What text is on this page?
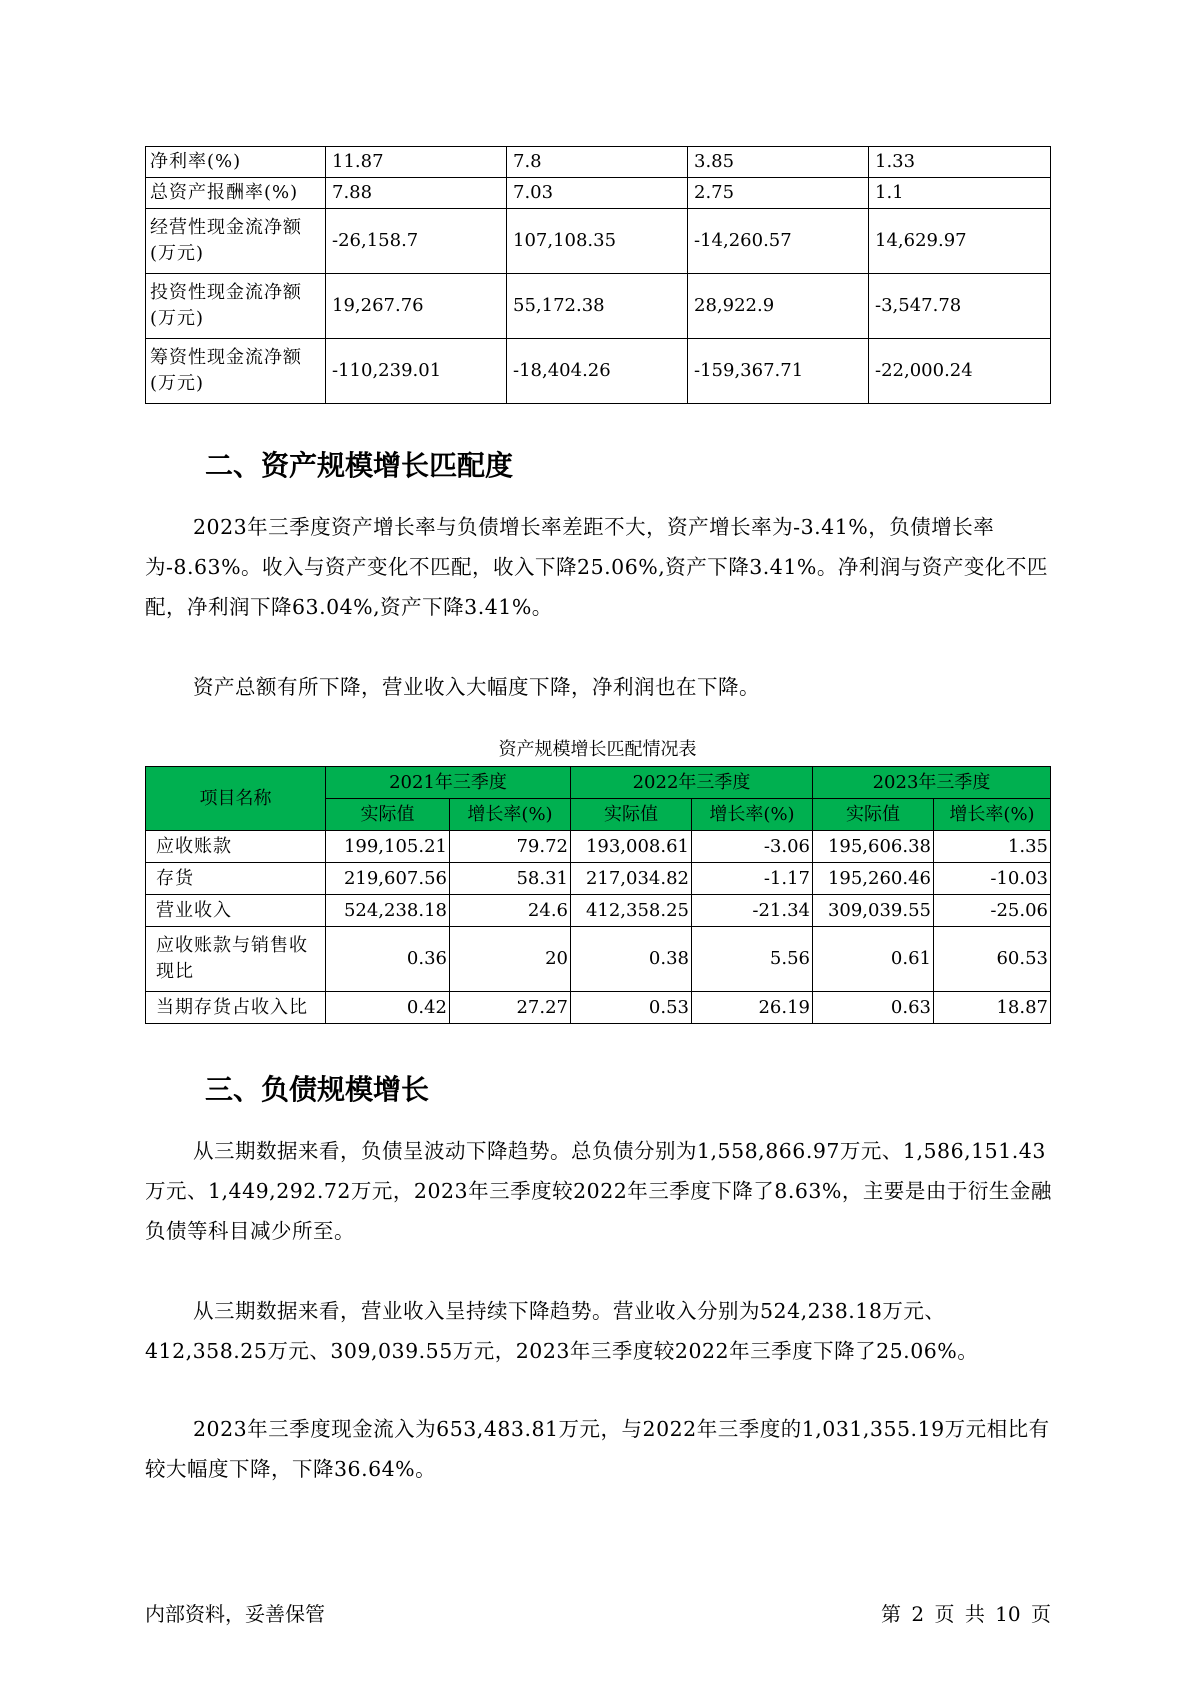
净利率(%)	11.87	7.8	3.85	1.33
总资产报酬率(%)	7.88	7.03	2.75	1.1
经营性现金流净额(万元)	-26,158.7	107,108.35	-14,260.57	14,629.97
投资性现金流净额(万元)	19,267.76	55,172.38	28,922.9	-3,547.78
筹资性现金流净额(万元)	-110,239.01	-18,404.26	-159,367.71	-22,000.24
二、资产规模增长匹配度

2023年三季度资产增长率与负债增长率差距不大，资产增长率为-3.41%，负债增长率为-8.63%。收入与资产变化不匹配，收入下降25.06%,资产下降3.41%。净利润与资产变化不匹配，净利润下降63.04%,资产下降3.41%。

资产总额有所下降，营业收入大幅度下降，净利润也在下降。

资产规模增长匹配情况表
项目名称	2021年三季度		2022年三季度		2023年三季度	
	实际值	增长率(%)	实际值	增长率(%)	实际值	增长率(%)
应收账款	199,105.21	79.72	193,008.61	-3.06	195,606.38	1.35
存货	219,607.56	58.31	217,034.82	-1.17	195,260.46	-10.03
营业收入	524,238.18	24.6	412,358.25	-21.34	309,039.55	-25.06
应收账款与销售收现比	0.36	20	0.38	5.56	0.61	60.53
当期存货占收入比	0.42	27.27	0.53	26.19	0.63	18.87
三、负债规模增长

从三期数据来看，负债呈波动下降趋势。总负债分别为1,558,866.97万元、1,586,151.43万元、1,449,292.72万元，2023年三季度较2022年三季度下降了8.63%，主要是由于衍生金融负债等科目减少所至。

从三期数据来看，营业收入呈持续下降趋势。营业收入分别为524,238.18万元、412,358.25万元、309,039.55万元，2023年三季度较2022年三季度下降了25.06%。

2023年三季度现金流入为653,483.81万元，与2022年三季度的1,031,355.19万元相比有较大幅度下降，下降36.64%。

内部资料，妥善保管	第 2 页 共 10 页
